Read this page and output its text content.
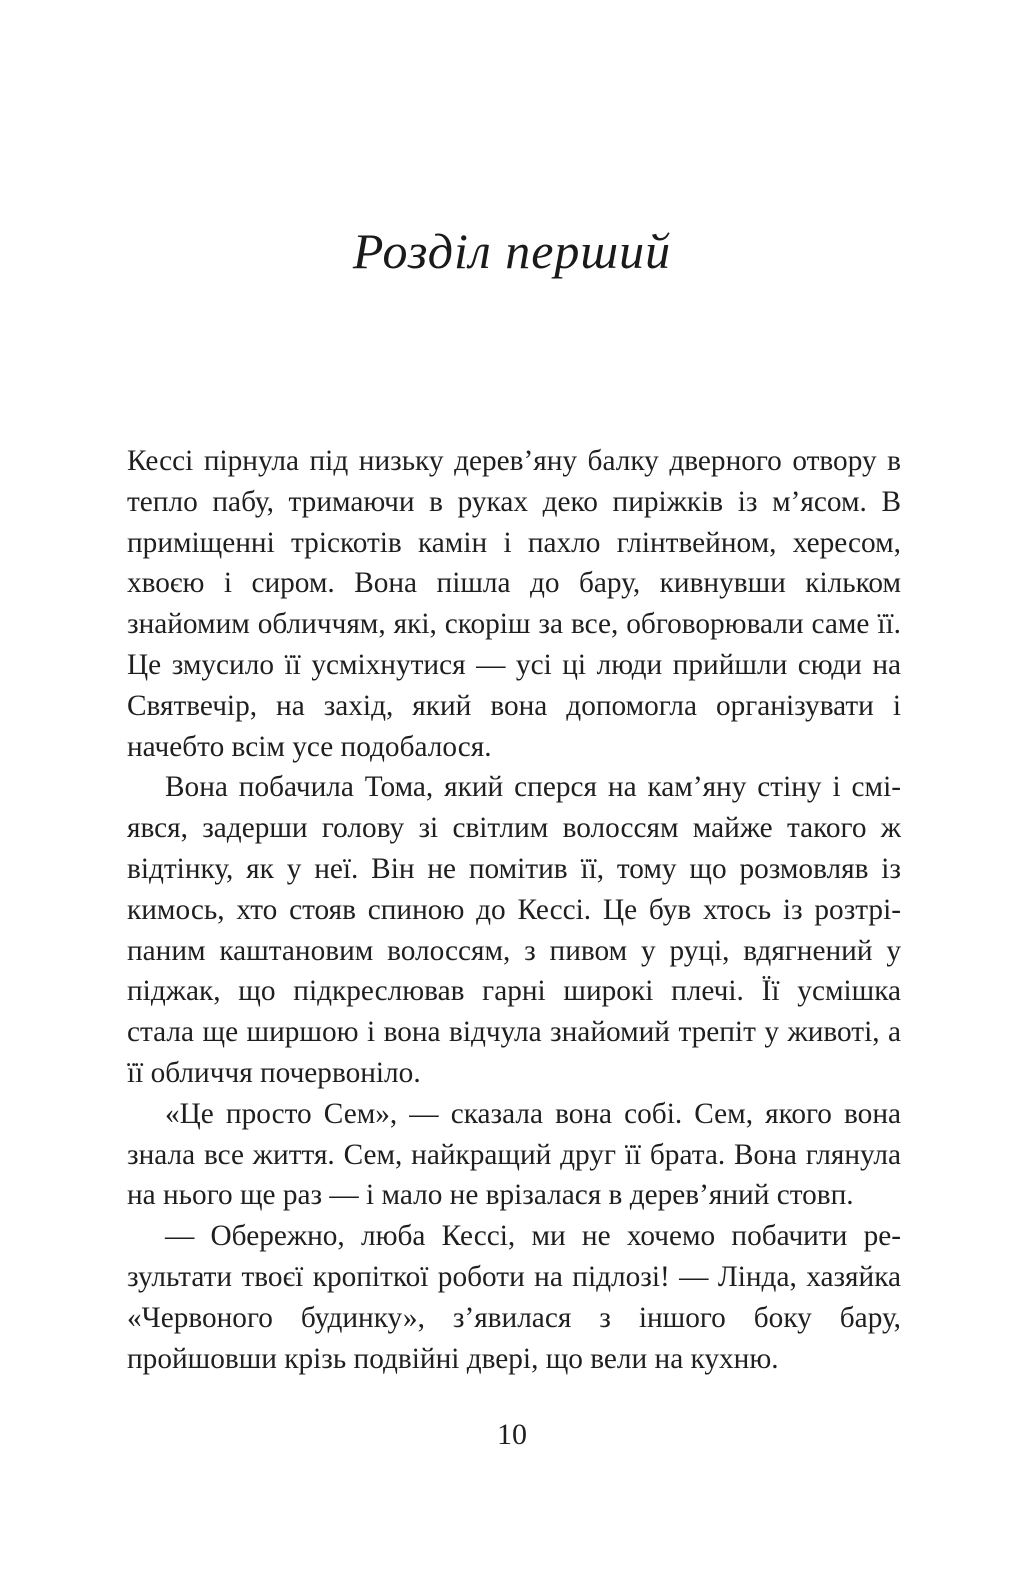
Розділ перший

Кессі пірнула під низьку дерев’яну балку дверного отвору в тепло пабу, тримаючи в руках деко пиріжків із м’ясом. В приміщенні тріскотів камін і пахло глінтвейном, хересом, хвоєю і сиром. Вона пішла до бару, кивнувши кільком знайомим обличчям, які, скоріш за все, обговорювали саме її. Це змусило її усміхнутися — усі ці люди прийшли сюди на Святвечір, на захід, який вона допомогла організувати і начебто всім усе подобалося.

Вона побачила Тома, який сперся на кам’яну стіну і сміявся, задерши голову зі світлим волоссям майже такого ж відтінку, як у неї. Він не помітив її, тому що розмовляв із кимось, хто стояв спиною до Кессі. Це був хтось із розтріпаним каштановим волоссям, з пивом у руці, вдягнений у піджак, що підкреслював гарні широкі плечі. Її усмішка стала ще ширшою і вона відчула знайомий трепіт у животі, а її обличчя почервоніло.

«Це просто Сем», — сказала вона собі. Сем, якого вона знала все життя. Сем, найкращий друг її брата. Вона глянула на нього ще раз — і мало не врізалася в дерев’яний стовп.

— Обережно, люба Кессі, ми не хочемо побачити результати твоєї кропіткої роботи на підлозі! — Лінда, хазяйка «Червоного будинку», з’явилася з іншого боку бару, пройшовши крізь подвійні двері, що вели на кухню.

10
